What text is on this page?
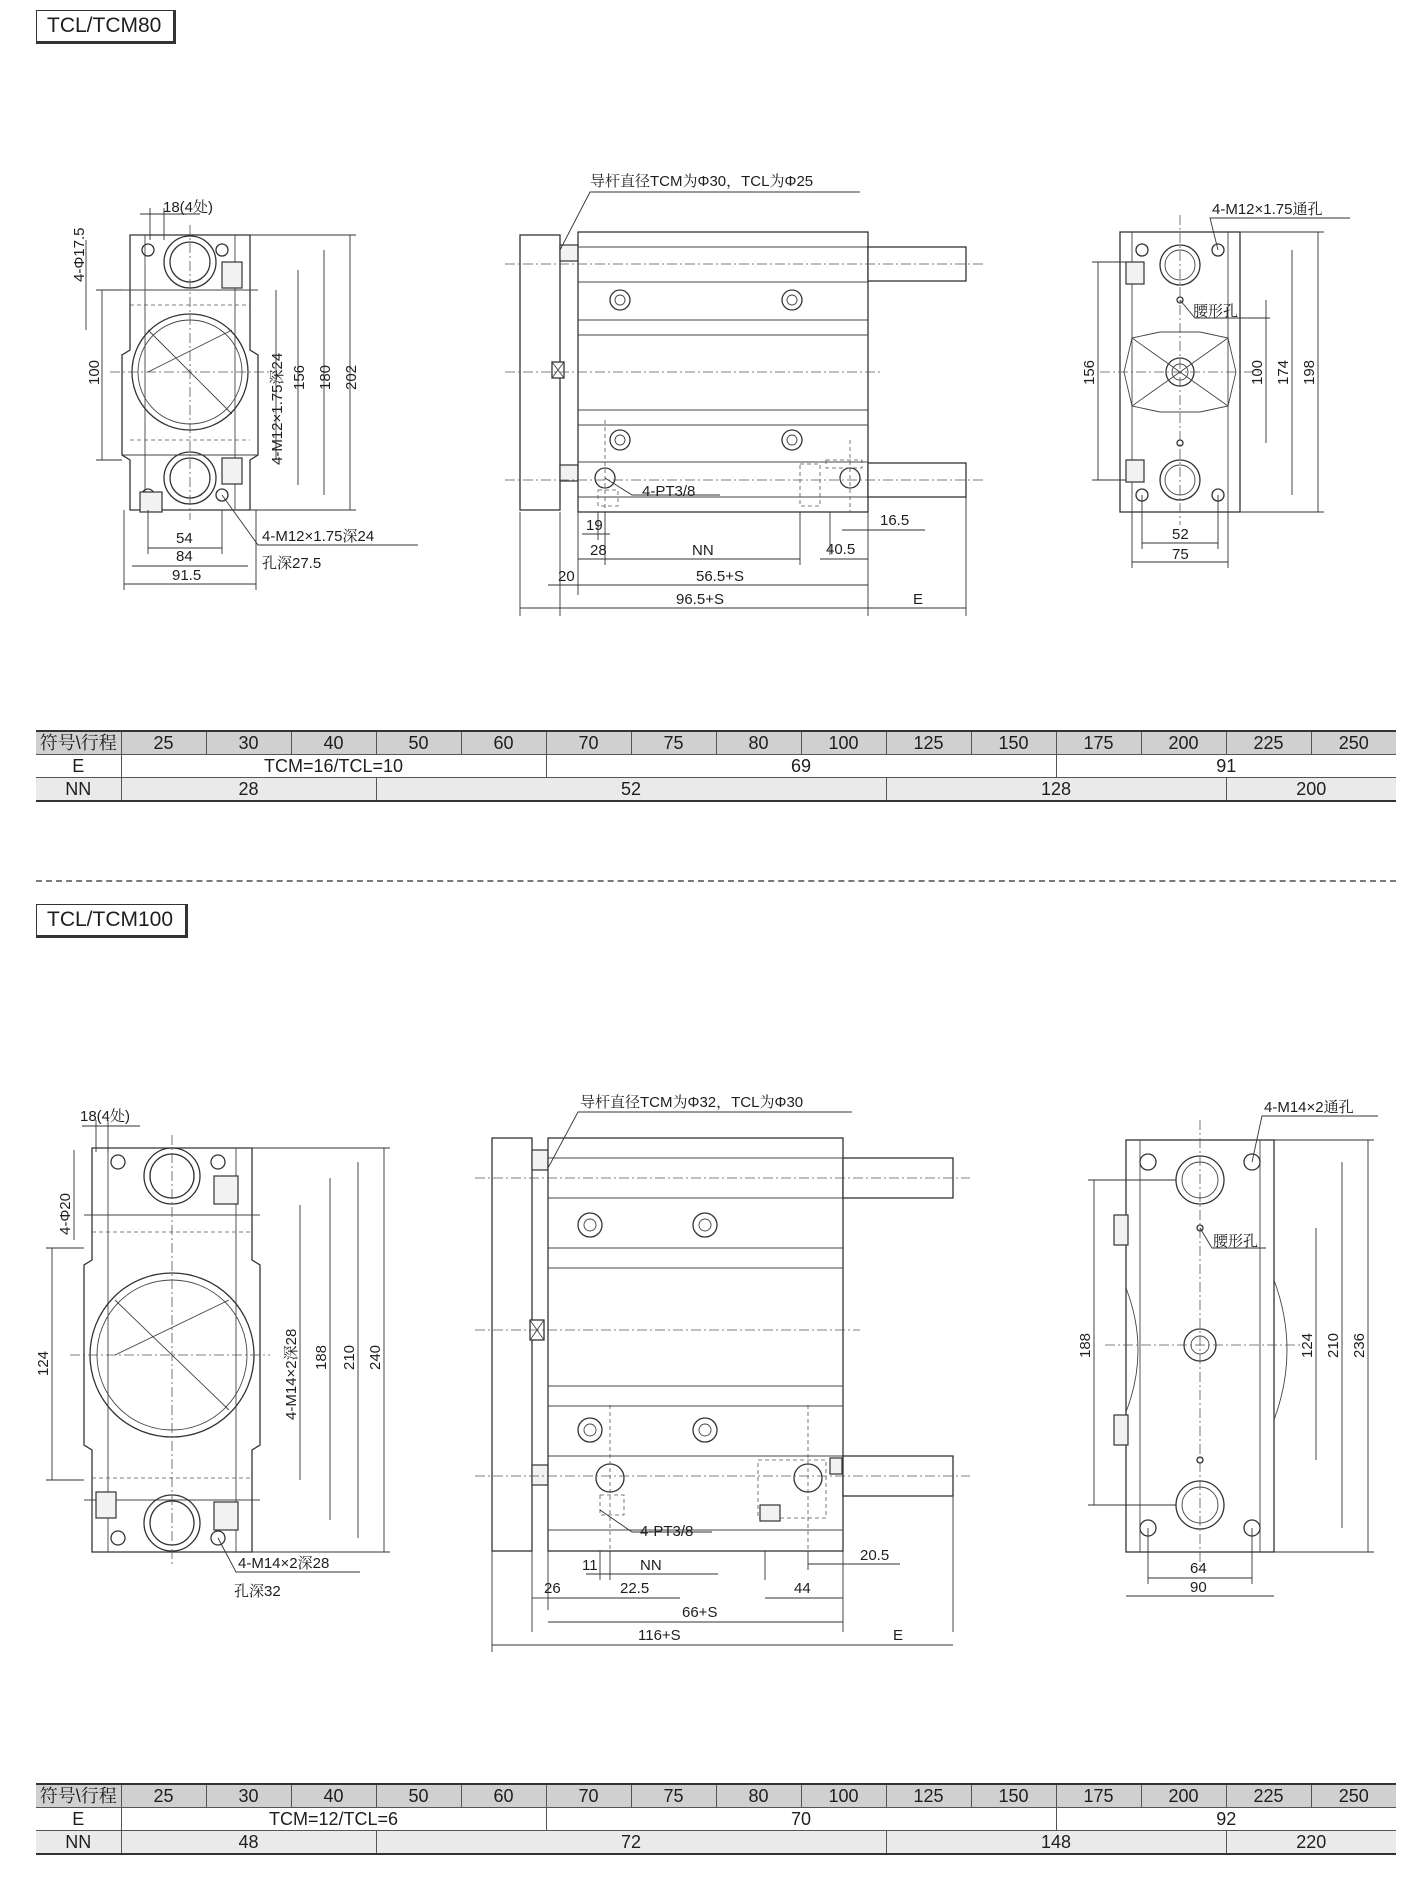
TCL/TCM80
18(4处)
4-Φ17.5
100	4-M12×1.75深24 156 180 202
54
84
91.5
4-M12×1.75深24
孔深27.5
导杆直径TCM为Φ30，TCL为Φ25
4-PT3/8
19
28	NN	40.5
16.5
20	56.5+S
96.5+S	E
4-M12×1.75通孔
腰形孔
156	100 174 198
52
75
符号\行程	25	30	40	50	60	70	75	80	100	125	150	175	200	225	250
E	TCM=16/TCL=10					69						91			
NN	28			52						128				200	
TCL/TCM100
18(4处)
4-Φ20
124	4-M14×2深28 188 210 240
4-M14×2深28
孔深32
导杆直径TCM为Φ32，TCL为Φ30
4-PT3/8
11	NN
20.5
26	22.5	44
66+S
116+S	E
4-M14×2通孔
腰形孔
188	124 210 236
64
90
符号\行程	25	30	40	50	60	70	75	80	100	125	150	175	200	225	250
E	TCM=12/TCL=6					70						92			
NN	48			72						148				220	
